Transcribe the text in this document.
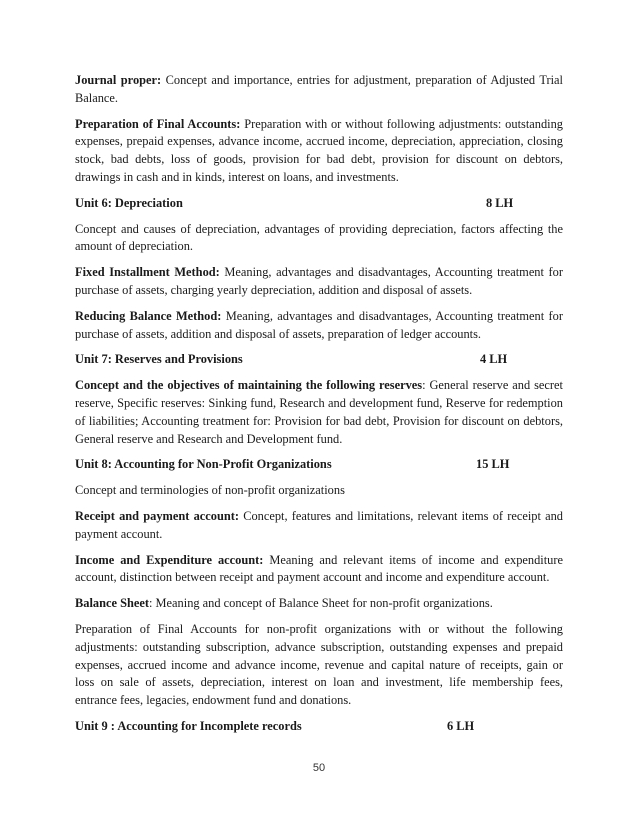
Journal proper: Concept and importance, entries for adjustment, preparation of Adjusted Trial Balance.

Preparation of Final Accounts: Preparation with or without following adjustments: outstanding expenses, prepaid expenses, advance income, accrued income, depreciation, appreciation, closing stock, bad debts, loss of goods, provision for bad debt, provision for discount on debtors, drawings in cash and in kinds, interest on loans, and investments.

Unit 6: Depreciation	8 LH

Concept and causes of depreciation, advantages of providing depreciation, factors affecting the amount of depreciation.

Fixed Installment Method: Meaning, advantages and disadvantages, Accounting treatment for purchase of assets, charging yearly depreciation, addition and disposal of assets.

Reducing Balance Method: Meaning, advantages and disadvantages, Accounting treatment for purchase of assets, addition and disposal of assets, preparation of ledger accounts.

Unit 7: Reserves and Provisions	4 LH

Concept and the objectives of maintaining the following reserves: General reserve and secret reserve, Specific reserves: Sinking fund, Research and development fund, Reserve for redemption of liabilities; Accounting treatment for: Provision for bad debt, Provision for discount on debtors, General reserve and Research and Development fund.

Unit 8: Accounting for Non-Profit Organizations	15 LH

Concept and terminologies of non-profit organizations

Receipt and payment account: Concept, features and limitations, relevant items of receipt and payment account.

Income and Expenditure account: Meaning and relevant items of income and expenditure account, distinction between receipt and payment account and income and expenditure account.

Balance Sheet: Meaning and concept of Balance Sheet for non-profit organizations.

Preparation of Final Accounts for non-profit organizations with or without the following adjustments: outstanding subscription, advance subscription, outstanding expenses and prepaid expenses, accrued income and advance income, revenue and capital nature of receipts, gain or loss on sale of assets, depreciation, interest on loan and investment, life membership fees, entrance fees, legacies, endowment fund and donations.

Unit 9 : Accounting for Incomplete records	6 LH
50
